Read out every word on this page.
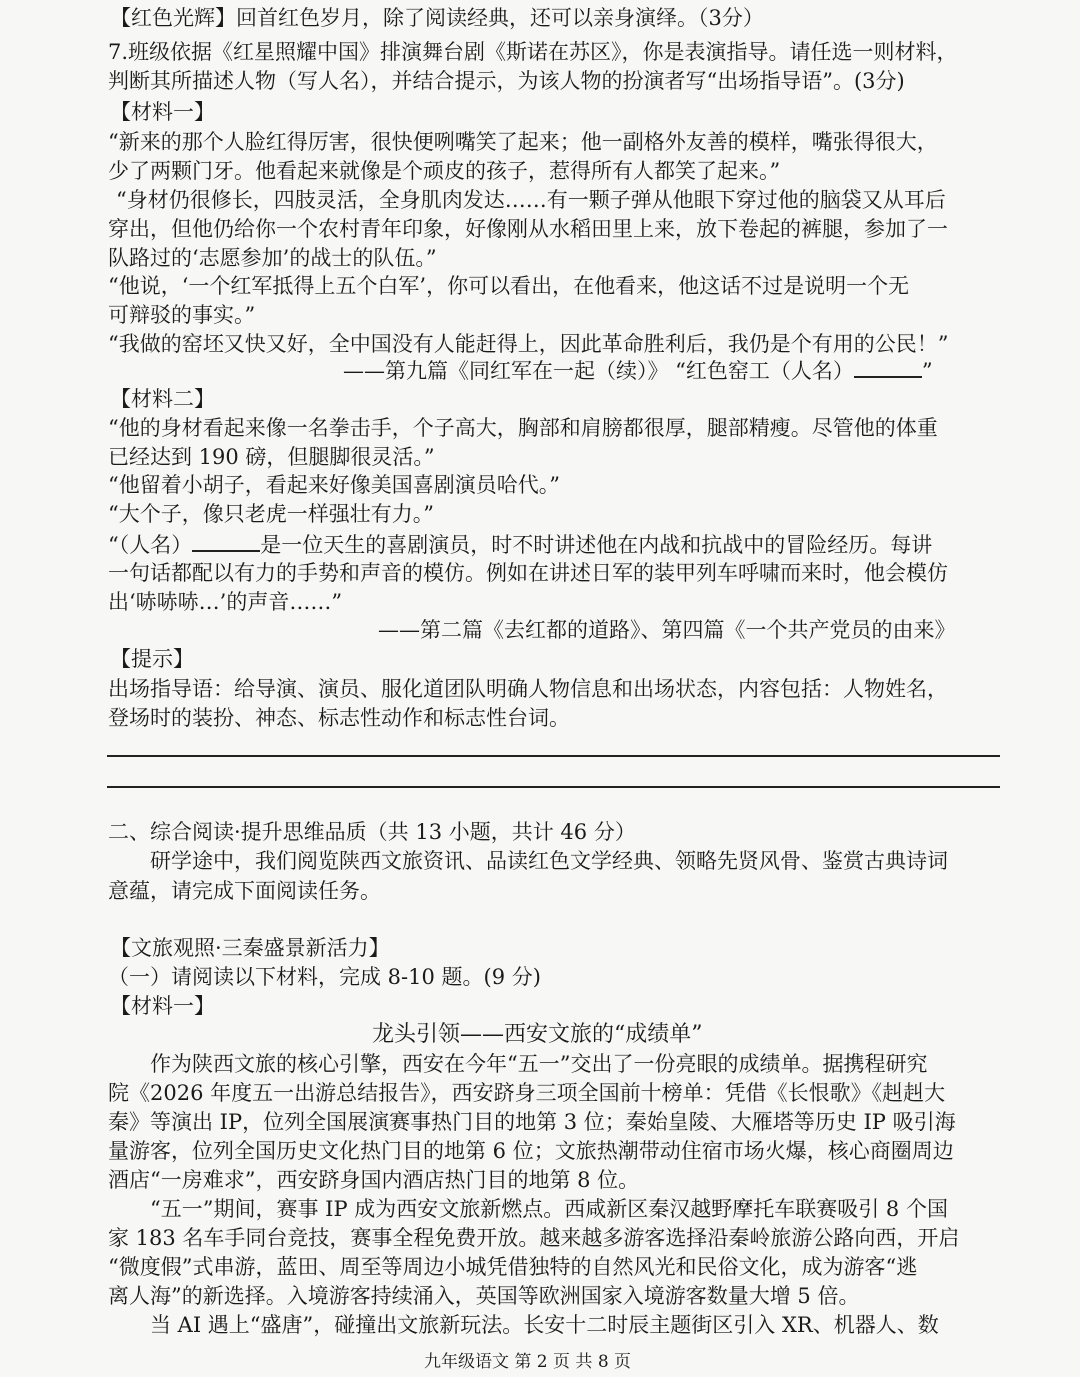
【红色光辉】回首红色岁月，除了阅读经典，还可以亲身演绎。（3分）
7.班级依据《红星照耀中国》排演舞台剧《斯诺在苏区》，你是表演指导。请任选一则材料，
判断其所描述人物（写人名），并结合提示，为该人物的扮演者写“出场指导语”。(3分)
【材料一】
“新来的那个人脸红得厉害，很快便咧嘴笑了起来；他一副格外友善的模样，嘴张得很大，
少了两颗门牙。他看起来就像是个顽皮的孩子，惹得所有人都笑了起来。”
“身材仍很修长，四肢灵活，全身肌肉发达……有一颗子弹从他眼下穿过他的脑袋又从耳后
穿出，但他仍给你一个农村青年印象，好像刚从水稻田里上来，放下卷起的裤腿，参加了一
队路过的‘志愿参加’的战士的队伍。”
“他说，‘一个红军抵得上五个白军’，你可以看出，在他看来，他这话不过是说明一个无
可辩驳的事实。”
“我做的窑坯又快又好，全中国没有人能赶得上，因此革命胜利后，我仍是个有用的公民！”
——第九篇《同红军在一起（续）》 “红色窑工（人名）	”
【材料二】
“他的身材看起来像一名拳击手，个子高大，胸部和肩膀都很厚，腿部精瘦。尽管他的体重
已经达到 190 磅，但腿脚很灵活。”
“他留着小胡子，看起来好像美国喜剧演员哈代。”
“大个子，像只老虎一样强壮有力。”
“（人名）	是一位天生的喜剧演员，时不时讲述他在内战和抗战中的冒险经历。每讲
一句话都配以有力的手势和声音的模仿。例如在讲述日军的装甲列车呼啸而来时，他会模仿
出‘哧哧哧…’的声音……”
——第二篇《去红都的道路》、第四篇《一个共产党员的由来》
【提示】
出场指导语：给导演、演员、服化道团队明确人物信息和出场状态，内容包括：人物姓名，
登场时的装扮、神态、标志性动作和标志性台词。
二、综合阅读·提升思维品质（共 13 小题，共计 46 分）
研学途中，我们阅览陕西文旅资讯、品读红色文学经典、领略先贤风骨、鉴赏古典诗词
意蕴，请完成下面阅读任务。
【文旅观照·三秦盛景新活力】
（一）请阅读以下材料，完成 8-10 题。(9 分)
【材料一】
龙头引领——西安文旅的“成绩单”
作为陕西文旅的核心引擎，西安在今年“五一”交出了一份亮眼的成绩单。据携程研究
院《2026 年度五一出游总结报告》，西安跻身三项全国前十榜单：凭借《长恨歌》《赳赳大
秦》等演出 IP，位列全国展演赛事热门目的地第 3 位；秦始皇陵、大雁塔等历史 IP 吸引海
量游客，位列全国历史文化热门目的地第 6 位；文旅热潮带动住宿市场火爆，核心商圈周边
酒店“一房难求”，西安跻身国内酒店热门目的地第 8 位。
“五一”期间，赛事 IP 成为西安文旅新燃点。西咸新区秦汉越野摩托车联赛吸引 8 个国
家 183 名车手同台竞技，赛事全程免费开放。越来越多游客选择沿秦岭旅游公路向西，开启
“微度假”式串游，蓝田、周至等周边小城凭借独特的自然风光和民俗文化，成为游客“逃
离人海”的新选择。入境游客持续涌入，英国等欧洲国家入境游客数量大增 5 倍。
当 AI 遇上“盛唐”，碰撞出文旅新玩法。长安十二时辰主题街区引入 XR、机器人、数
九年级语文 第 2 页 共 8 页
